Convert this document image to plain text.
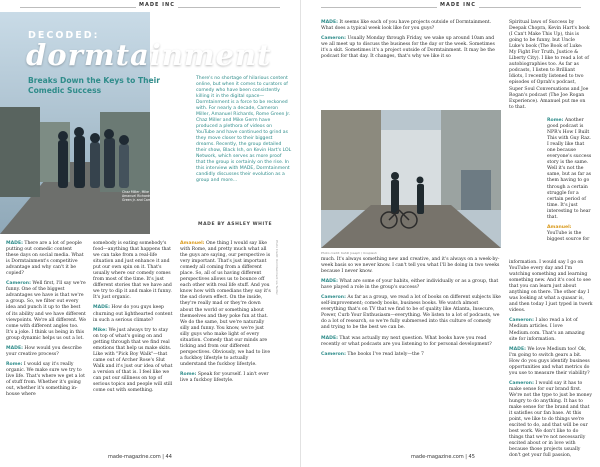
MADE INC
DECODED:
dormtainment
Breaks Down the Keys to Their Comedic Success
There's no shortage of hilarious content online, but when it comes to curators of comedy who have been consistently killing it in the digital space—Dormtainment is a force to be reckoned with. For nearly a decade, Cameron Miller, Amanuel Richards, Rome Green Jr. Chaz Miller and Mike Germ have produced a plethora of videos on YouTube and have continued to grind as they move closer to their biggest dreams. Recently, the group detailed their show, Black Ish, on Kevin Hart's LOL Network, which serves as more proof that the group is certainly on the rise. In this interview with MADE, Dormtainment candidly discusses their evolution as a group and more...
Chaz Miller, Mike Germ, Amanuel Richards, Rome Green Jr. and Cameron Miller
MADE BY ASHLEY WHITE

MADE: There are a lot of people putting out comedic content these days on social media. What is Dormtainment's competitive advantage and why can't it be copied?

Cameron: Well first, I'll say we're funny. One of the biggest advantages we have is that we're a group. So, we filter out every idea and punch it up to the best of its ability and we have different viewpoints. We're all different. We come with different angles too. It's a joke. I think us being in this group dynamic helps us out a lot.

MADE: How would you describe your creative process?

Rome: I would say it's really organic. We make sure we try to live life. That's where we get a lot of stuff from. Whether it's going out, whether it's something in-house where

somebody is eating somebody's food—anything that happens that we can take from a real-life situation and just enhance it and put our own spin on it. That's usually where our comedy comes from most of the time. It's just different stories that we have and we try to dip it and make it funny. It's just organic.

MADE: How do you guys keep churning out lighthearted content in such a serious climate?

Mike: We just always try to stay on top of what's going on and getting through that we find real emotions that help us make skits. Like with "Pick Boy Walk"—that came out of Archer Rose's Slut Walk and it's just our idea of what a version of that is. I feel like we can put our silliness on top of serious topics and people will still come out with something.

Amanuel: One thing I would say like with Rome, and pretty much what all the guys are saying, our perspective is very important. That's just important comedy all coming from a different place. So, all of us having different perspectives allows us to bounce off each other with real life stuff. And you know how with comedians they say it's the sad clown effect. On the inside, they're really mad or they're down about the world or something about themselves and they poke fun at that. We do the same, but we're naturally silly and funny. You know, we're just silly guys who make light of every situation. Comedy that our minds are ticking and from our different perspectives. Obviously, we had to live a fuckboy lifestyle to actually understand the fuckboy lifestyle.

Rome: Speak for yourself. I ain't ever live a fuckboy lifestyle.

Photo Credit: Dormtainment via Twitter
made-magazine.com | 44
MADE INC

MADE: It seems like each of you have projects outside of Dormtainment. What does a typical week look like for you guys?

Cameron: Usually Monday through Friday, we wake up around 10am and we all meet up to discuss the business for the day or the week. Sometimes it's a skit. Sometimes it's a project outside of Dormtainment. It may be the podcast for that day. It changes, that's why we like it so

Photo credit: Kahlil Joseph / Unsplash

much. It's always something new and creative, and it's always on a week-by-week basis so we never know. I can't tell you what I'll be doing in two weeks because I never know.

MADE: What are some of your habits, either individually or as a group, that have played a role in the group's success?

Cameron: As far as a group, we read a lot of books on different subjects like self-improvement; comedy books, business books. We watch almost everything that's on TV that we find to be of quality like Atlanta, Insecure, Power, Curb Your Enthusiasm—everything. We listen to a lot of podcasts, we do a lot of research, so we're fully submersed into this culture of comedy and trying to be the best we can be.

MADE: That was actually my next question. What books have you read recently or what podcasts are you listening to for personal development?

Cameron: The books I've read lately—the 7

Spiritual laws of Success by Deepak Chopra, Kevin Hart's book (I Can't Make This Up), this is going to be funny, but Uncle Luke's book (The Book of Luke: My Fight For Truth, Justice & Liberty City). I like to read a lot of autobiographies too. As far as podcasts, I listen to Brilliant Idiots, I recently listened to two episodes of Oprah's podcast, Super Soul Conversations and Joe Rogan's podcast (The Joe Rogan Experience). Amanuel put me on to that.

Rome: Another good podcast is NPR's How I Built This with Guy Raz. I really like that one because everyone's success story is the same. Well it's not the same, but as far as them having to go through a certain struggle for a certain period of time. It's just interesting to hear that.

Amanuel: YouTube is the biggest source for

information. I would say I go on YouTube every day and I'm watching something and learning something new. And it's cool to see that you can learn just about anything on there. The other day I was looking at what a quasar is, and then today I just typed in twerk videos.

Cameron: I also read a lot of Medium articles. I love Medium.com. That's an amazing site for information.

MADE: We love Medium too! Ok, I'm going to switch gears a bit. How do you guys identify business opportunities and what metrics do you use to measure their viability?

Cameron: I would say it has to make sense for our brand first. We're not the type to just be money hungry to do anything. It has to make sense for the brand and that it satisfies our fan base. At this point, we like to do things we're excited to do, and that will be our best work. We don't like to do things that we're not necessarily excited about or in love with because those projects usually don't get your full passion,

made-magazine.com | 45
